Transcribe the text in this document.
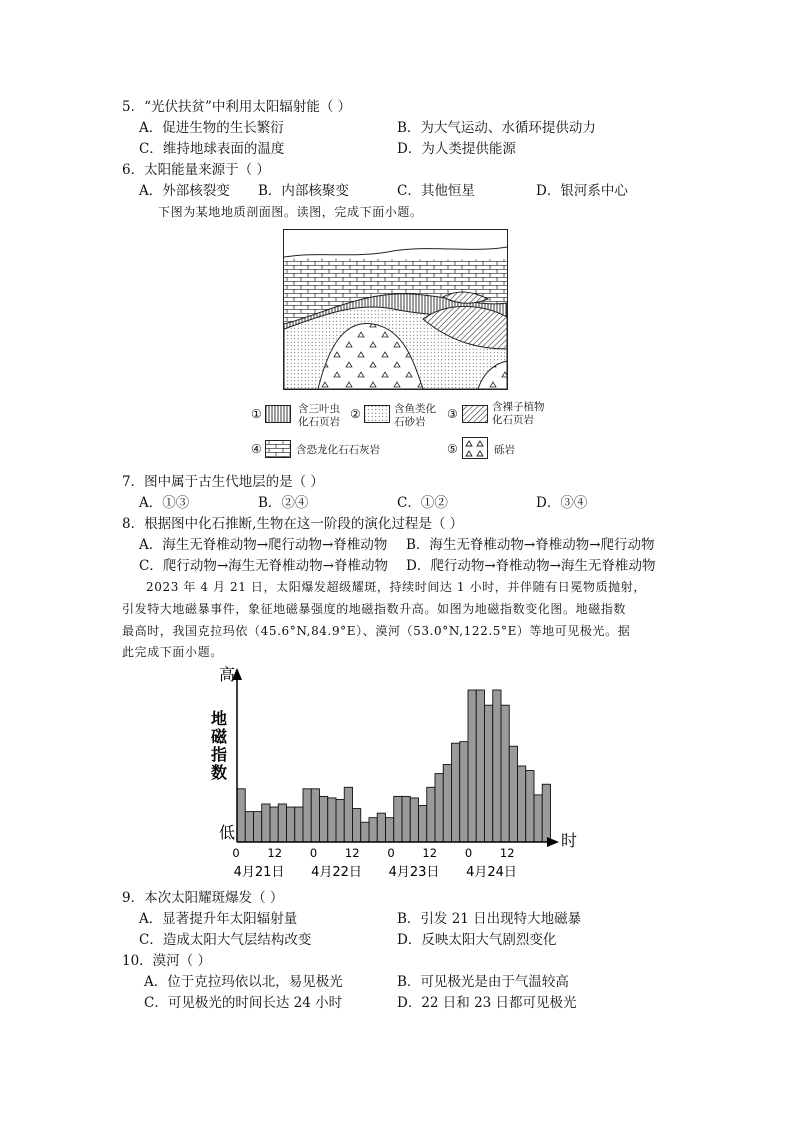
5．“光伏扶贫”中利用太阳辐射能（ ）
A．促进生物的生长繁衍	B．为大气运动、水循环提供动力
C．维持地球表面的温度	D．为人类提供能源
6．太阳能量来源于（ ）
A．外部核裂变 B．内部核聚变	C．其他恒星	D．银河系中心
下图为某地地质剖面图。读图，完成下面小题。
①	含三叶虫
化石页岩
②	含鱼类化
石砂岩
③	含裸子植物
化石页岩
④	含恐龙化石石灰岩	⑤	砾岩
7．图中属于古生代地层的是（ ）
A．①③	B．②④	C．①②	D．③④
8．根据图中化石推断,生物在这一阶段的演化过程是（ ）
A．海生无脊椎动物→爬行动物→脊椎动物 B．海生无脊椎动物→脊椎动物→爬行动物
C．爬行动物→海生无脊椎动物→脊椎动物 D．爬行动物→脊椎动物→海生无脊椎动物
2023 年 4 月 21 日，太阳爆发超级耀斑，持续时间达 1 小时，并伴随有日冕物质抛射，
引发特大地磁暴事件，象征地磁暴强度的地磁指数升高。如图为地磁指数变化图。地磁指数
最高时，我国克拉玛依（45.6°N,84.9°E）、漠河（53.0°N,122.5°E）等地可见极光。据
此完成下面小题。
高
低	时
地
磁
指
数
0 12 0 12 0 12 0 12
4月21日 4月22日 4月23日 4月24日
9．本次太阳耀斑爆发（ ）
A．显著提升年太阳辐射量	B．引发 21 日出现特大地磁暴
C．造成太阳大气层结构改变	D．反映太阳大气剧烈变化
10．漠河（ ）
A．位于克拉玛依以北，易见极光	B．可见极光是由于气温较高
C．可见极光的时间长达 24 小时	D．22 日和 23 日都可见极光
